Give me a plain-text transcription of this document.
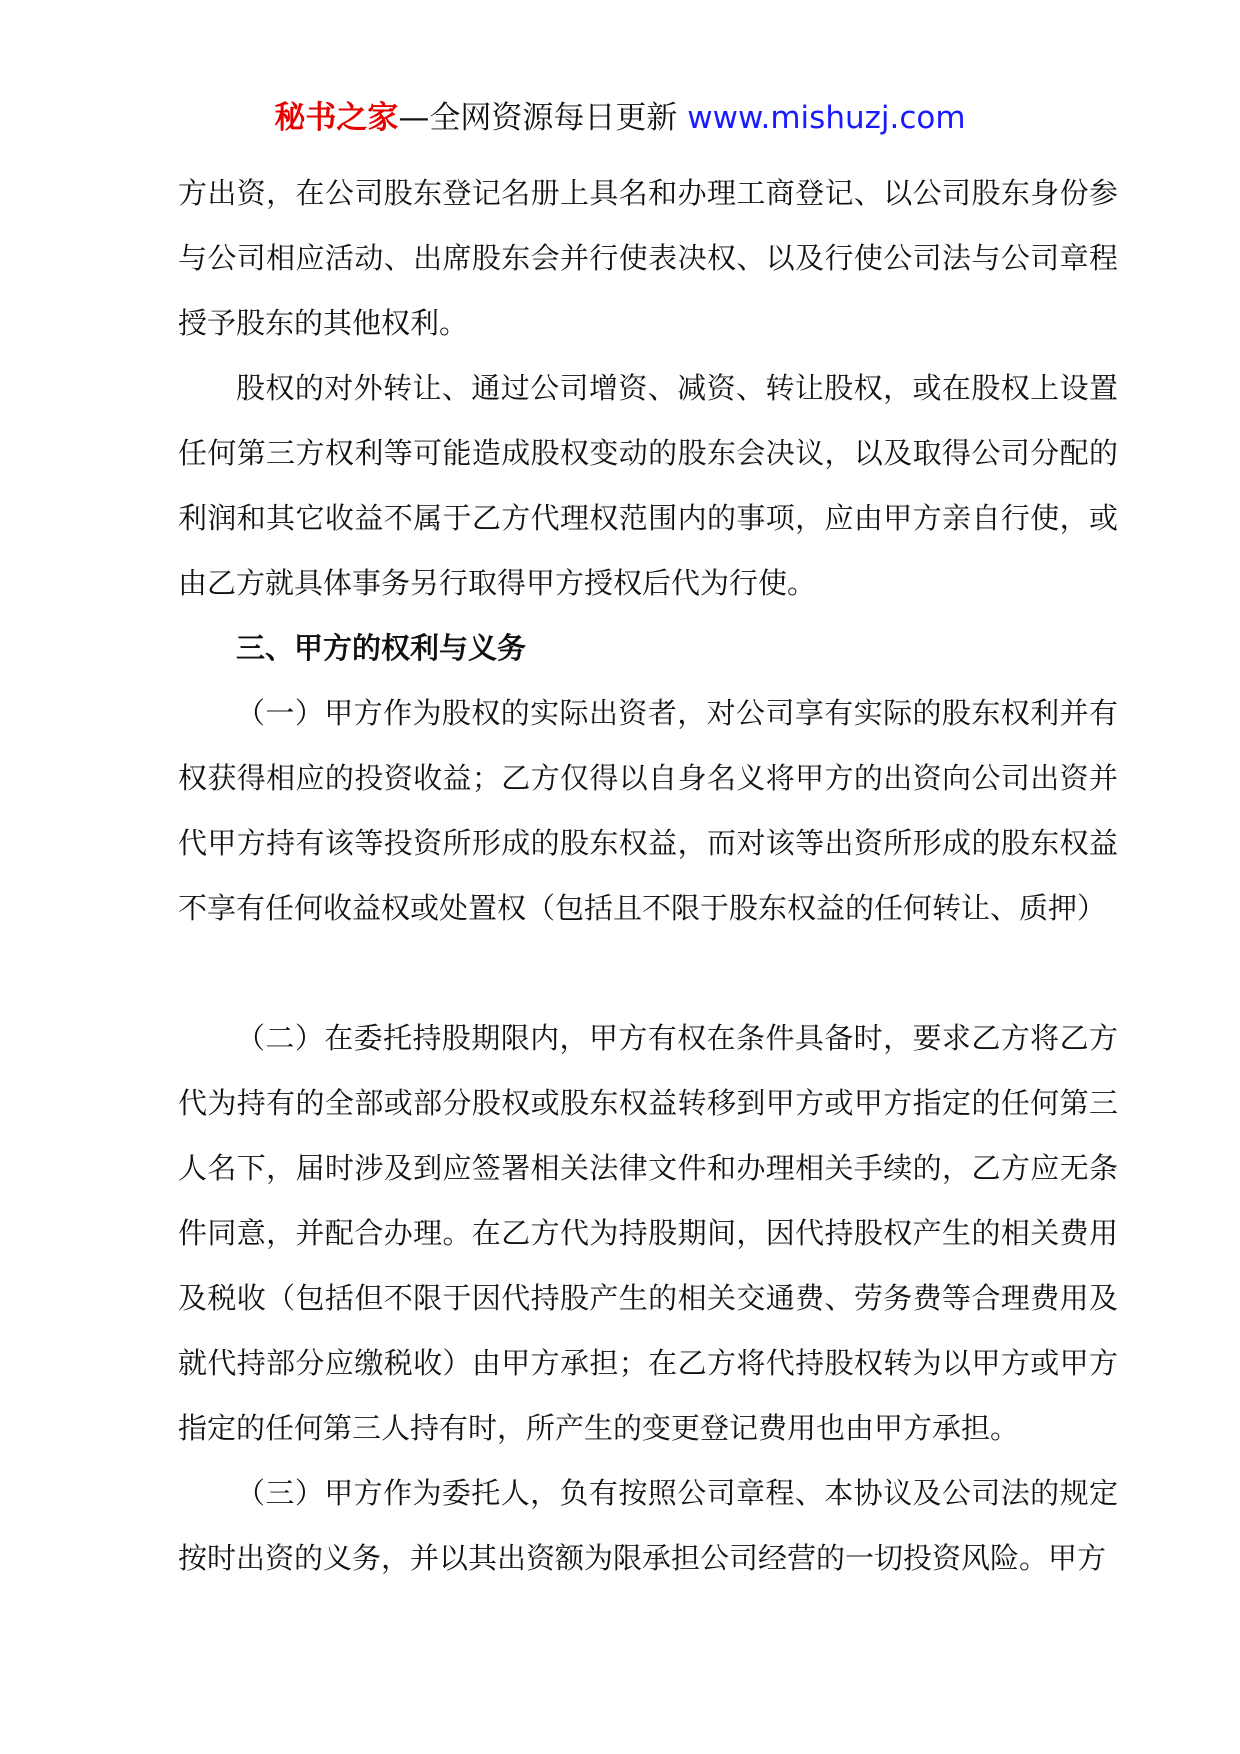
秘书之家—全网资源每日更新 www.mishuzj.com

方出资，在公司股东登记名册上具名和办理工商登记、以公司股东身份参与公司相应活动、出席股东会并行使表决权、以及行使公司法与公司章程授予股东的其他权利。

股权的对外转让、通过公司增资、减资、转让股权，或在股权上设置任何第三方权利等可能造成股权变动的股东会决议，以及取得公司分配的利润和其它收益不属于乙方代理权范围内的事项，应由甲方亲自行使，或由乙方就具体事务另行取得甲方授权后代为行使。

三、甲方的权利与义务

（一）甲方作为股权的实际出资者，对公司享有实际的股东权利并有权获得相应的投资收益；乙方仅得以自身名义将甲方的出资向公司出资并代甲方持有该等投资所形成的股东权益，而对该等出资所形成的股东权益不享有任何收益权或处置权（包括且不限于股东权益的任何转让、质押）

（二）在委托持股期限内，甲方有权在条件具备时，要求乙方将乙方代为持有的全部或部分股权或股东权益转移到甲方或甲方指定的任何第三人名下，届时涉及到应签署相关法律文件和办理相关手续的，乙方应无条件同意，并配合办理。在乙方代为持股期间，因代持股权产生的相关费用及税收（包括但不限于因代持股产生的相关交通费、劳务费等合理费用及就代持部分应缴税收）由甲方承担；在乙方将代持股权转为以甲方或甲方指定的任何第三人持有时，所产生的变更登记费用也由甲方承担。

（三）甲方作为委托人，负有按照公司章程、本协议及公司法的规定按时出资的义务，并以其出资额为限承担公司经营的一切投资风险。甲方
